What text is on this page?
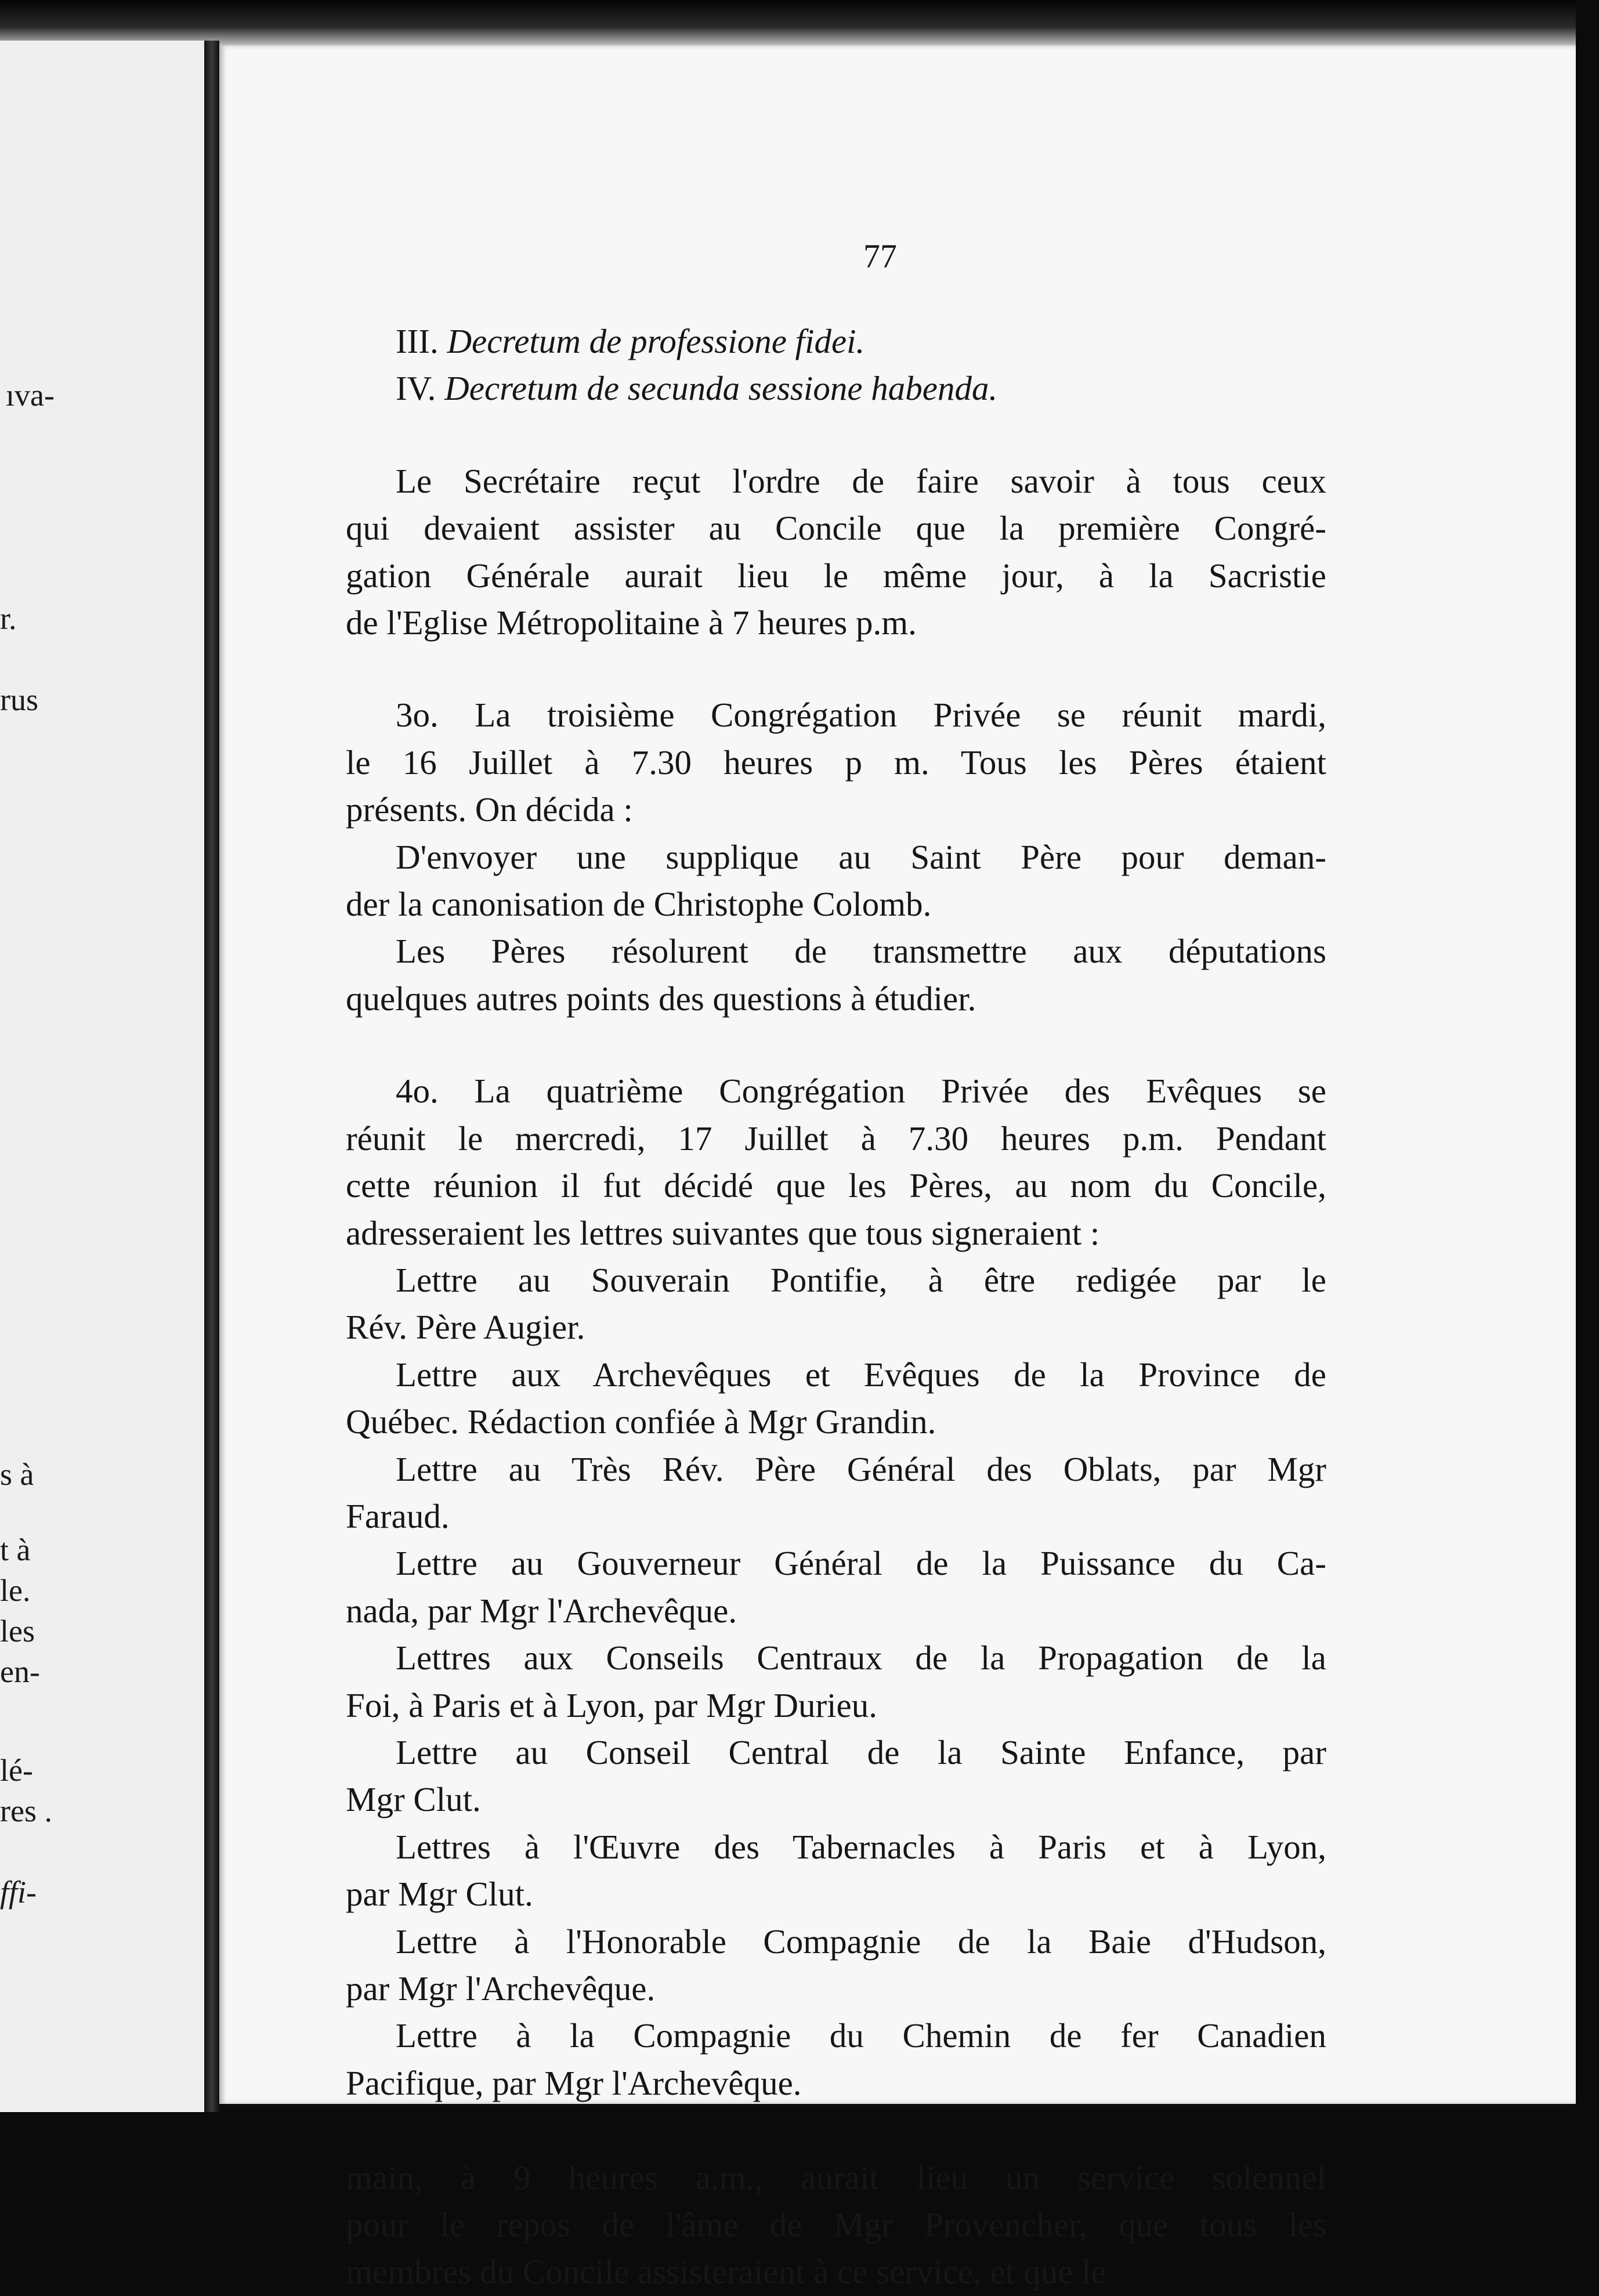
ıva-
r.
rus
s à
t à
le.
les
en-
lé-
res .
ffi-
77

III. Decretum de professione fidei.

IV. Decretum de secunda sessione habenda.

Le Secrétaire reçut l'ordre de faire savoir à tous ceux
qui devaient assister au Concile que la première Congré-
gation Générale aurait lieu le même jour, à la Sacristie
de l'Eglise Métropolitaine à 7 heures p.m.

3o. La troisième Congrégation Privée se réunit mardi,
le 16 Juillet à 7.30 heures p m. Tous les Pères étaient
présents. On décida :

D'envoyer une supplique au Saint Père pour deman-
der la canonisation de Christophe Colomb.

Les Pères résolurent de transmettre aux députations
quelques autres points des questions à étudier.

4o. La quatrième Congrégation Privée des Evêques se
réunit le mercredi, 17 Juillet à 7.30 heures p.m. Pendant
cette réunion il fut décidé que les Pères, au nom du Concile,
adresseraient les lettres suivantes que tous signeraient :

Lettre au Souverain Pontifie, à être redigée par le
Rév. Père Augier.

Lettre aux Archevêques et Evêques de la Province de
Québec. Rédaction confiée à Mgr Grandin.

Lettre au Très Rév. Père Général des Oblats, par Mgr
Faraud.

Lettre au Gouverneur Général de la Puissance du Ca-
nada, par Mgr l'Archevêque.

Lettres aux Conseils Centraux de la Propagation de la
Foi, à Paris et à Lyon, par Mgr Durieu.

Lettre au Conseil Central de la Sainte Enfance, par
Mgr Clut.

Lettres à l'Œuvre des Tabernacles à Paris et à Lyon,
par Mgr Clut.

Lettre à l'Honorable Compagnie de la Baie d'Hudson,
par Mgr l'Archevêque.

Lettre à la Compagnie du Chemin de fer Canadien
Pacifique, par Mgr l'Archevêque.

main, à 9 heures a.m., aurait lieu un service solennel
pour le repos de l'âme de Mgr Provencher, que tous les
membres du Concile assisteraient à ce service, et que le
